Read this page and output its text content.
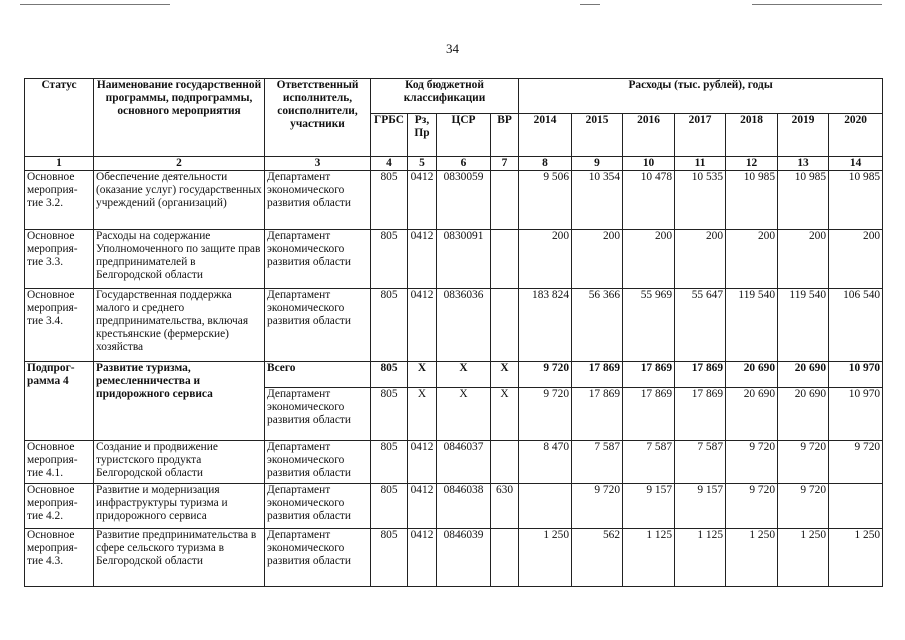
34
Статус	Наименование государственной программы, подпрограммы, основного мероприятия	Ответственный исполнитель, соисполнители, участники	Код бюджетной классификации				Расходы (тыс. рублей), годы						
			ГРБС	Рз, Пр	ЦСР	ВР	2014	2015	2016	2017	2018	2019	2020
1	2	3	4	5	6	7	8	9	10	11	12	13	14
Основное мероприя-тие 3.2.	Обеспечение деятельности (оказание услуг) государственных учреждений (организаций)	Департамент экономического развития области	805	0412	0830059		9 506	10 354	10 478	10 535	10 985	10 985	10 985
Основное мероприя-тие 3.3.	Расходы на содержание Уполномоченного по защите прав предпринимателей в Белгородской области	Департамент экономического развития области	805	0412	0830091		200	200	200	200	200	200	200
Основное мероприя-тие 3.4.	Государственная поддержка малого и среднего предпринимательства, включая крестьянские (фермерские) хозяйства	Департамент экономического развития области	805	0412	0836036		183 824	56 366	55 969	55 647	119 540	119 540	106 540
Подпрог-рамма 4	Развитие туризма, ремесленничества и придорожного сервиса	Всего	805	X	X	X	9 720	17 869	17 869	17 869	20 690	20 690	10 970
		Департамент экономического развития области	805	X	X	X	9 720	17 869	17 869	17 869	20 690	20 690	10 970
Основное мероприя-тие 4.1.	Создание и продвижение туристского продукта Белгородской области	Департамент экономического развития области	805	0412	0846037		8 470	7 587	7 587	7 587	9 720	9 720	9 720
Основное мероприя-тие 4.2.	Развитие и модернизация инфраструктуры туризма и придорожного сервиса	Департамент экономического развития области	805	0412	0846038	630		9 720	9 157	9 157	9 720	9 720	
Основное мероприя-тие 4.3.	Развитие предпринимательства в сфере сельского туризма в Белгородской области	Департамент экономического развития области	805	0412	0846039		1 250	562	1 125	1 125	1 250	1 250	1 250
